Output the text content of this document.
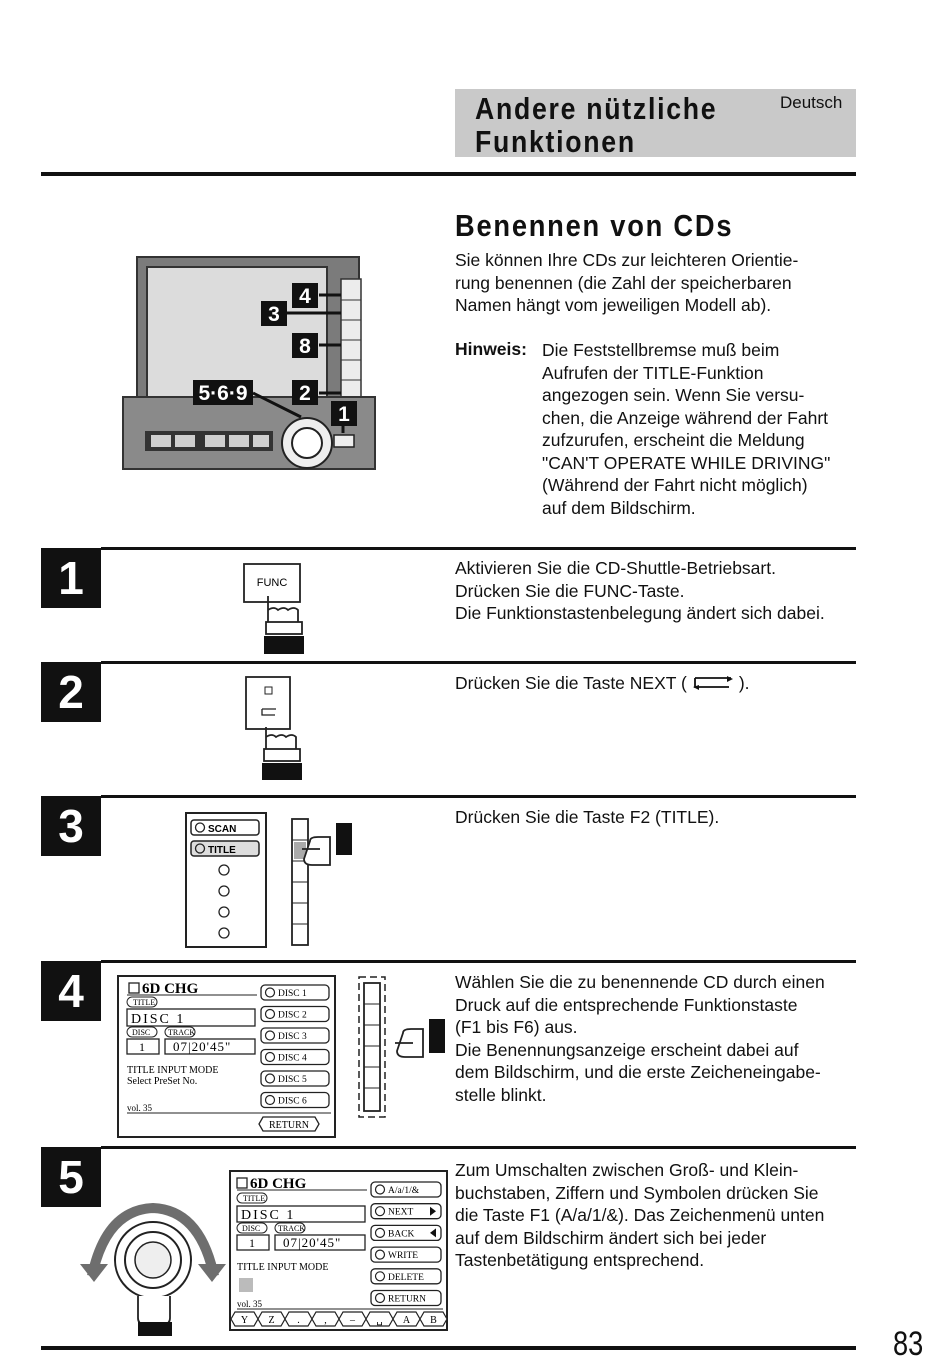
Andere nützliche
Funktionen
Deutsch
4
3
8
5·6·9 2
1
Benennen von CDs
Sie können Ihre CDs zur leichteren Orientie-
rung benennen (die Zahl der speicherbaren
Namen hängt vom jeweiligen Modell ab).
Hinweis: Die Feststellbremse muß beim
Aufrufen der TITLE-Funktion
angezogen sein. Wenn Sie versu-
chen, die Anzeige während der Fahrt
zufzurufen, erscheint die Meldung
"CAN'T OPERATE WHILE DRIVING"
(Während der Fahrt nicht möglich)
auf dem Bildschirm.
1	Aktivieren Sie die CD-Shuttle-Betriebsart.
Drücken Sie die FUNC-Taste.
Die Funktionstastenbelegung ändert sich dabei.
FUNC
2	Drücken Sie die Taste NEXT (	).
3	Drücken Sie die Taste F2 (TITLE).
SCAN
TITLE
4	Wählen Sie die zu benennende CD durch einen
Druck auf die entsprechende Funktionstaste
(F1 bis F6) aus.
Die Benennungsanzeige erscheint dabei auf
dem Bildschirm, und die erste Zeicheneingabe-
stelle blinkt.
6D CHG
TITLE
DISC 1
DISC TRACK
1 07|20'45"
TITLE INPUT MODE
Select PreSet No.
vol. 35
DISC 1
DISC 2
DISC 3
DISC 4
DISC 5
DISC 6
RETURN
5	Zum Umschalten zwischen Groß- und Klein-
buchstaben, Ziffern und Symbolen drücken Sie
die Taste F1 (A/a/1/&). Das Zeichenmenü unten
auf dem Bildschirm ändert sich bei jeder
Tastenbetätigung entsprechend.
6D CHG
TITLE
DISC 1
DISC TRACK
1 07|20'45"
TITLE INPUT MODE
vol. 35
A/a/1/&
NEXT
BACK
WRITE
DELETE
RETURN
Y Z . , – ␣ A B
83
